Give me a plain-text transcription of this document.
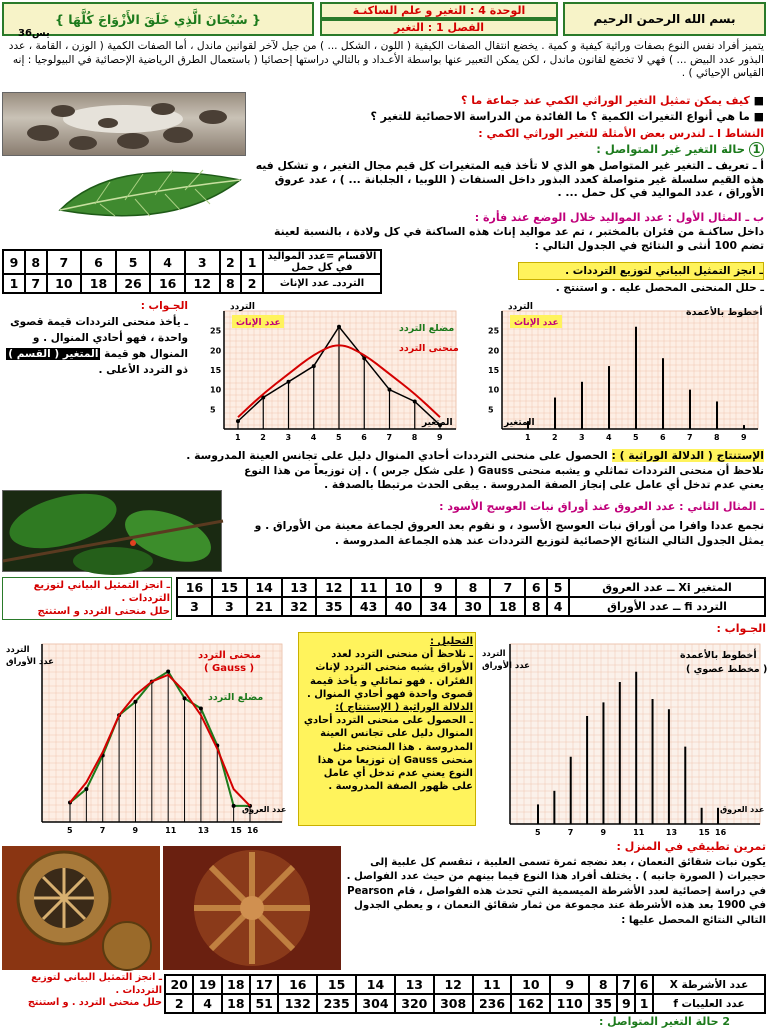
بسم الله الرحمن الرحيم
الوحدة 4 : التغير و علم الساكنـة
الفصل 1 : التغير
{ سُبْحَانَ الَّذِي خَلَقَ الأَزْوَاجَ كُلَّهَا }
يس36
يتميز أفراد نفس النوع بصفات وراثية كيفية و كمية . يخضع انتقال الصفات الكيفية ( اللون ، الشكل ... ) من جيل لآخر لقوانين ماندل ، أما الصفات الكمية ( الوزن ، القامة ، عدد البذور عدد البيض ... ) فهي لا تخضع لقانون ماندل ، لكن يمكن التعبير عنها بواسطة الأعـداد و بالتالي دراستها إحصائيا ( باستعمال الطرق الرياضية الإحصائية في البيولوجيا : إنه القياس الإحيائي ) .
■ كيف يمكن تمثيل التغير الوراثي الكمي عند جماعة ما ؟
■ ما هي أنواع التغيرات الكمية ؟ ما الفائدة من الدراسة الاحصائية للتغير ؟
النشاط I ـ لندرس بعض الأمثلة للتغير الوراثي الكمي :
1 حالة التغير غير المتواصل :
أ ـ تعريف ـ التغير غير المتواصل هو الذي لا تأخذ فيه المتغيرات كل قيم مجال التغير ، و تشكل فيه هذه القيم سلسلة غير متواصلة كعدد البذور داخل السنفات ( اللوبيا ، الجلبانة ... ) ، عدد عروق الأوراق ، عدد المواليد في كل حمل ... .
ب ـ المثال الأول : عدد المواليد خلال الوضع عند فأرة :
داخل ساكنـة من فئران بالمختبر ، تم عد مواليد إناث هذه الساكنة في كل ولادة ، بالنسبة لعينة تضم 100 أنثى و النتائج في الجدول التالي :
الأقسام =عدد المواليد في كل حمل	1	2	3	4	5	6	7	8	9
الترددـ عدد الإناث	2	8	12	16	26	18	10	7	1
ـ انجز التمثيل البياني لتوزيع الترددات .
ـ حلل المنحنى المحصل عليه . و استنتج .
الجـواب :
ـ يأخذ منحنى الترددات قيمة قصوى واحدة ، فهو أحادي المنوال . و المنوال هو قيمة المتغير ( القسم ) ذو التردد الأعلى .
5
10
15
20
25
1 2 3 4 5 6 7 8 9
التردد
عدد الإناث	مضلع التردد
منحنى التردد
المتغير
5
10
15
20
25
1	2	3	4	5	6	7	8	9
التردد
عدد الإناث
أخطوط بالأعمدة
المتغير
الإستنتاج ( الدلالة الوراثية ) : الحصول على منحنى الترددات أحادي المنوال دليل على تجانس العينة المدروسة .
نلاحظ أن منحنى الترددات تماثلي و يشبه منحنى Gauss ( على شكل جرس ) . إن توزيعاً من هذا النوع يعني عدم تدخل أي عامل على إنجاز الصفة المدروسة . يبقى الحدث مرتبطا بالصدفة .
ـ المثال الثاني : عدد العروق عند أوراق نبات العوسج الأسود :
نجمع عددا وافرا من أوراق نبات العوسج الأسود ، و نقوم بعد العروق لجماعة معينة من الأوراق . و يمثل الجدول التالي النتائج الإحصائية لتوزيع الترددات عند هذه الجماعة المدروسة .
ـ انجز التمثيل البياني لتوزيع الترددات .
حلل منحنى التردد و استنتج
المتغير Xi ــ عدد العروق	5	6	7	8	9	10	11	12	13	14	15	16
التردد fi ــ عدد الأوراق	4	8	18	30	34	40	43	35	32	21	3	3
5	7	9	11	13	15 16
التردد
عدد الأوراق
منحنى التردد
( Gauss )
مضلع التردد
عدد العروق
الجـواب :
التحليل :
ـ نلاحظ أن منحنى التردد لعدد الأوراق يشبه منحنى التردد لإناث الفئران . فهو تماثلي و يأخذ قيمة قصوى واحدة فهو أحادي المنوال .
الدلالة الوراثية ( الإستنتاج ):
ـ الحصول على منحنى التردد أحادي المنوال دليل على تجانس العينة المدروسة . هذا المنحنى مثل منحنى Gauss إن توزيعا من هذا النوع يعني عدم تدخل أي عامل على ظهور الصفة المدروسة .
5	7	9	11	13	15 16
التردد
عدد الأوراق
أخطوط بالأعمدة
( مخطط عصوي )
عدد العروق
تمرين تطبيقي في المنزل :
يكون نبات شقائق النعمان ، بعد نضجه ثمرة تسمى العلبية ، تنقسم كل علبية إلى حجيرات ( الصورة جانبه ) . يختلف أفراد هذا النوع فيما بينهم من حيث عدد الفواصل . في دراسة إحصائية لعدد الأشرطة الميسمية التي تحدث هذه الفواصل ، قام Pearson في 1900 بعد هذه الأشرطة عند مجموعة من ثمار شقائق النعمان ، و يعطي الجدول التالي النتائج المحصل عليها :
ـ انجز التمثيل البياني لتوزيع الترددات .
حلل منحنى التردد . و استنتج
عدد الأشرطة X	6	7	8	9	10	11	12	13	14	15	16	17	18	19	20
عدد العليبات f	1	9	35	110	162	236	308	320	304	235	132	51	18	4	2
2 حالة التغير المتواصل :
